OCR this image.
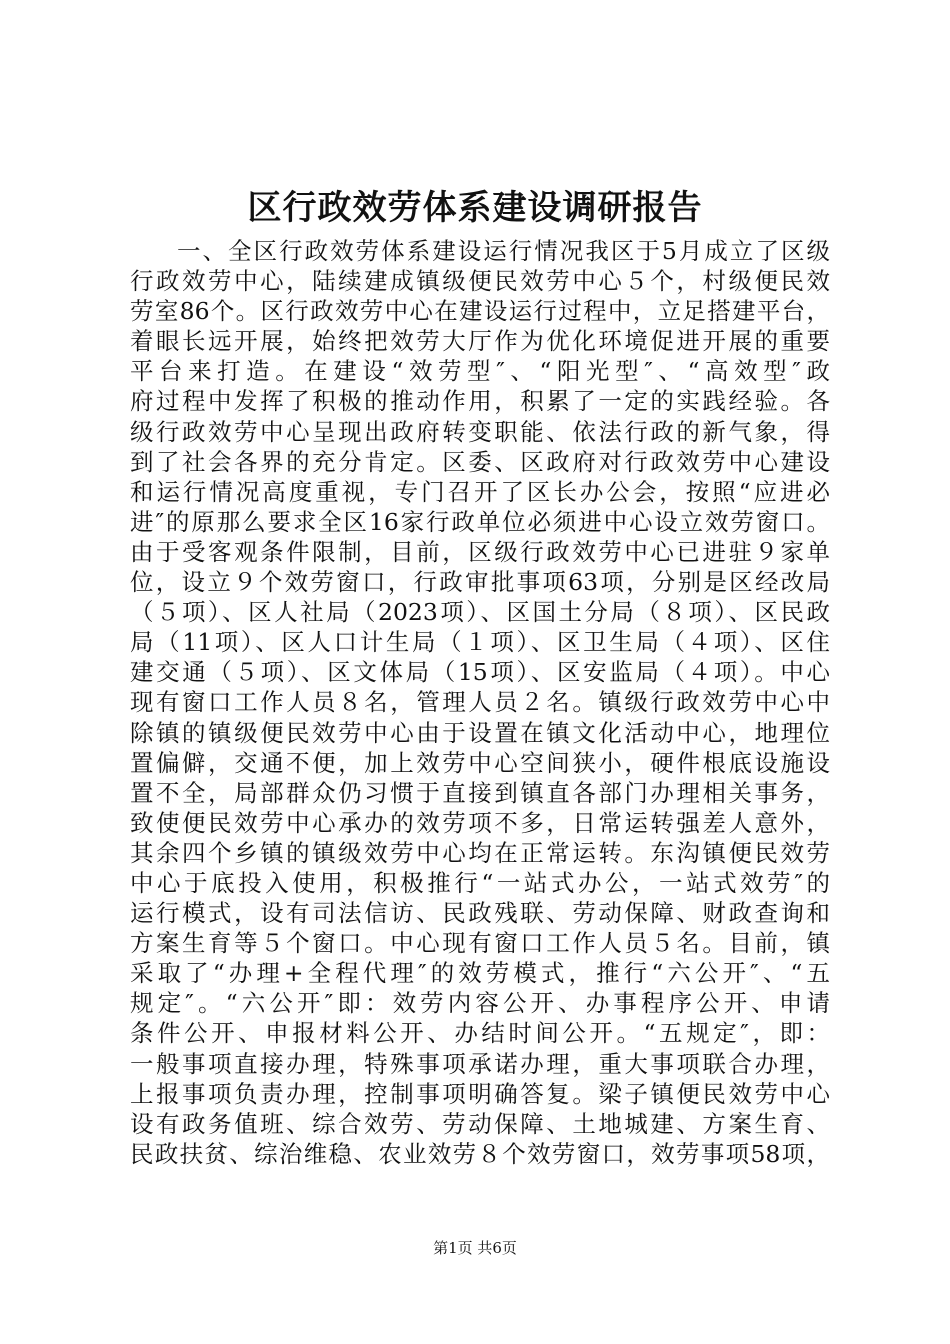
区行政效劳体系建设调研报告
一、全区行政效劳体系建设运行情况我区于5月成立了区级
行政效劳中心，陆续建成镇级便民效劳中心５个，村级便民效
劳室86个。区行政效劳中心在建设运行过程中，立足搭建平台，
着眼长远开展，始终把效劳大厅作为优化环境促进开展的重要
平台来打造。在建设“效劳型″、“阳光型″、“高效型″政
府过程中发挥了积极的推动作用，积累了一定的实践经验。各
级行政效劳中心呈现出政府转变职能、依法行政的新气象，得
到了社会各界的充分肯定。区委、区政府对行政效劳中心建设
和运行情况高度重视，专门召开了区长办公会，按照“应进必
进″的原那么要求全区16家行政单位必须进中心设立效劳窗口。
由于受客观条件限制，目前，区级行政效劳中心已进驻９家单
位，设立９个效劳窗口，行政审批事项63项，分别是区经改局
（５项）、区人社局（2023项）、区国土分局（８项）、区民政
局（11项）、区人口计生局（１项）、区卫生局（４项）、区住
建交通（５项）、区文体局（15项）、区安监局（４项）。中心
现有窗口工作人员８名，管理人员２名。镇级行政效劳中心中
除镇的镇级便民效劳中心由于设置在镇文化活动中心，地理位
置偏僻，交通不便，加上效劳中心空间狭小，硬件根底设施设
置不全，局部群众仍习惯于直接到镇直各部门办理相关事务，
致使便民效劳中心承办的效劳项不多，日常运转强差人意外，
其余四个乡镇的镇级效劳中心均在正常运转。东沟镇便民效劳
中心于底投入使用，积极推行“一站式办公，一站式效劳″的
运行模式，设有司法信访、民政残联、劳动保障、财政查询和
方案生育等５个窗口。中心现有窗口工作人员５名。目前，镇
采取了“办理+全程代理″的效劳模式，推行“六公开″、“五
规定″。“六公开″即：效劳内容公开、办事程序公开、申请
条件公开、申报材料公开、办结时间公开。“五规定″，即：
一般事项直接办理，特殊事项承诺办理，重大事项联合办理，
上报事项负责办理，控制事项明确答复。梁子镇便民效劳中心
设有政务值班、综合效劳、劳动保障、土地城建、方案生育、
民政扶贫、综治维稳、农业效劳８个效劳窗口，效劳事项58项，
第1页 共6页
